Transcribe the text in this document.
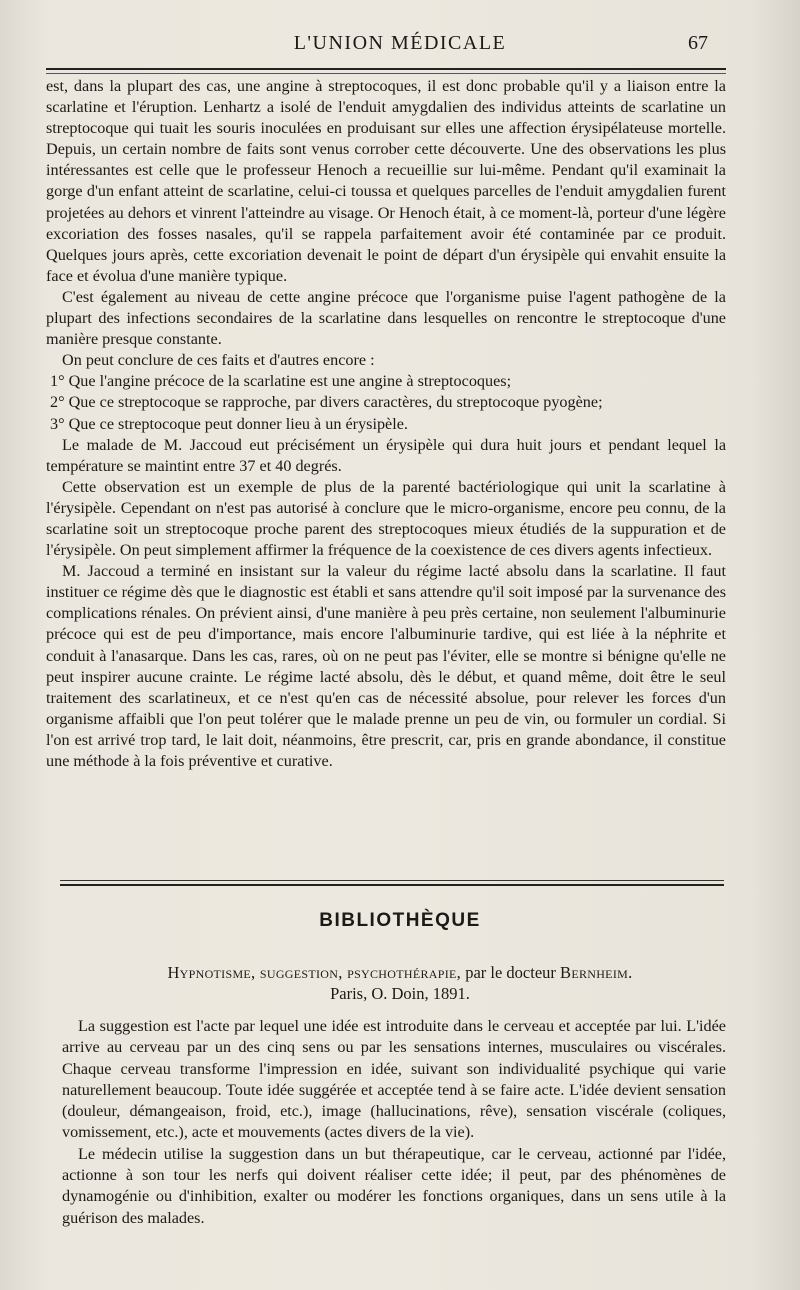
L'UNION MÉDICALE	67

est, dans la plupart des cas, une angine à streptocoques, il est donc probable qu'il y a liaison entre la scarlatine et l'éruption. Lenhartz a isolé de l'enduit amygdalien des individus atteints de scarlatine un streptocoque qui tuait les souris inoculées en produisant sur elles une affection érysipélateuse mortelle. Depuis, un certain nombre de faits sont venus corrober cette découverte. Une des observations les plus intéressantes est celle que le professeur Henoch a recueillie sur lui-même. Pendant qu'il examinait la gorge d'un enfant atteint de scarlatine, celui-ci toussa et quelques parcelles de l'enduit amygdalien furent projetées au dehors et vinrent l'atteindre au visage. Or Henoch était, à ce moment-là, porteur d'une légère excoriation des fosses nasales, qu'il se rappela parfaitement avoir été contaminée par ce produit. Quelques jours après, cette excoriation devenait le point de départ d'un érysipèle qui envahit ensuite la face et évolua d'une manière typique.

C'est également au niveau de cette angine précoce que l'organisme puise l'agent pathogène de la plupart des infections secondaires de la scarlatine dans lesquelles on rencontre le streptocoque d'une manière presque constante.

On peut conclure de ces faits et d'autres encore :

1° Que l'angine précoce de la scarlatine est une angine à streptocoques;

2° Que ce streptocoque se rapproche, par divers caractères, du streptocoque pyogène;

3° Que ce streptocoque peut donner lieu à un érysipèle.

Le malade de M. Jaccoud eut précisément un érysipèle qui dura huit jours et pendant lequel la température se maintint entre 37 et 40 degrés.

Cette observation est un exemple de plus de la parenté bactériologique qui unit la scarlatine à l'érysipèle. Cependant on n'est pas autorisé à conclure que le micro-organisme, encore peu connu, de la scarlatine soit un streptocoque proche parent des streptocoques mieux étudiés de la suppuration et de l'érysipèle. On peut simplement affirmer la fréquence de la coexistence de ces divers agents infectieux.

M. Jaccoud a terminé en insistant sur la valeur du régime lacté absolu dans la scarlatine. Il faut instituer ce régime dès que le diagnostic est établi et sans attendre qu'il soit imposé par la survenance des complications rénales. On prévient ainsi, d'une manière à peu près certaine, non seulement l'albuminurie précoce qui est de peu d'importance, mais encore l'albuminurie tardive, qui est liée à la néphrite et conduit à l'anasarque. Dans les cas, rares, où on ne peut pas l'éviter, elle se montre si bénigne qu'elle ne peut inspirer aucune crainte. Le régime lacté absolu, dès le début, et quand même, doit être le seul traitement des scarlatineux, et ce n'est qu'en cas de nécessité absolue, pour relever les forces d'un organisme affaibli que l'on peut tolérer que le malade prenne un peu de vin, ou formuler un cordial. Si l'on est arrivé trop tard, le lait doit, néanmoins, être prescrit, car, pris en grande abondance, il constitue une méthode à la fois préventive et curative.

BIBLIOTHÈQUE
Hypnotisme, suggestion, psychothérapie, par le docteur Bernheim.
Paris, O. Doin, 1891.

La suggestion est l'acte par lequel une idée est introduite dans le cerveau et acceptée par lui. L'idée arrive au cerveau par un des cinq sens ou par les sensations internes, musculaires ou viscérales. Chaque cerveau transforme l'impression en idée, suivant son individualité psychique qui varie naturellement beaucoup. Toute idée suggérée et acceptée tend à se faire acte. L'idée devient sensation (douleur, démangeaison, froid, etc.), image (hallucinations, rêve), sensation viscérale (coliques, vomissement, etc.), acte et mouvements (actes divers de la vie).

Le médecin utilise la suggestion dans un but thérapeutique, car le cerveau, actionné par l'idée, actionne à son tour les nerfs qui doivent réaliser cette idée; il peut, par des phénomènes de dynamogénie ou d'inhibition, exalter ou modérer les fonctions organiques, dans un sens utile à la guérison des malades.
